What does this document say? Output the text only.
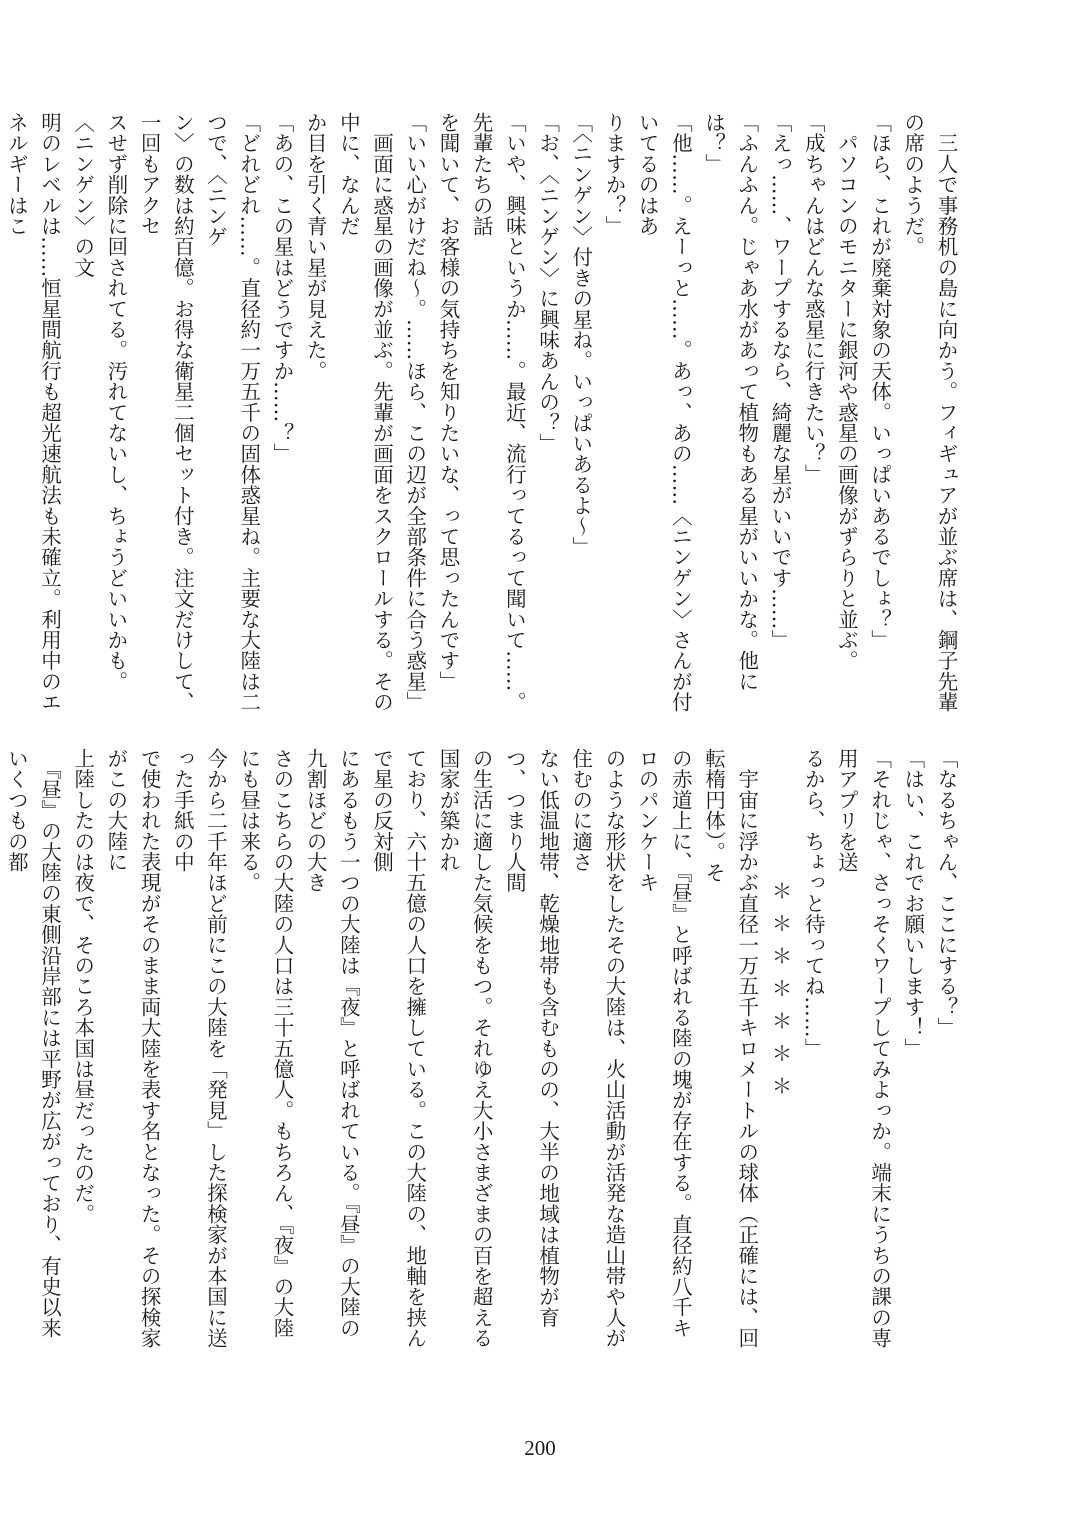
　三人で事務机の島に向かう。フィギュアが並ぶ席は、鋼子先輩の席のようだ。
「ほら、これが廃棄対象の天体。いっぱいあるでしょ？」
　パソコンのモニターに銀河や惑星の画像がずらりと並ぶ。
「成ちゃんはどんな惑星に行きたい？」
「えっ……、ワープするなら、綺麗な星がいいです……」
「ふんふん。じゃあ水があって植物もある星がいいかな。他には？」
「他……。えーっと……。あっ、あの……〈ニンゲン〉さんが付いてるのはあ
りますか？」
「〈ニンゲン〉付きの星ね。いっぱいあるよ～」
「お、〈ニンゲン〉に興味あんの？」
「いや、興味というか……。最近、流行ってるって聞いて……。先輩たちの話
を聞いて、お客様の気持ちを知りたいな、って思ったんです」
「いい心がけだね～。……ほら、この辺が全部条件に合う惑星」
　画面に惑星の画像が並ぶ。先輩が画面をスクロールする。その中に、なんだ
か目を引く青い星が見えた。
「あの、この星はどうですか……？」
「どれどれ……。直径約一万五千の固体惑星ね。主要な大陸は二つで、〈ニンゲ
ン〉の数は約百億。お得な衛星二個セット付き。注文だけして、一回もアクセ
スせず削除に回されてる。汚れてないし、ちょうどいいかも。〈ニンゲン〉の文
明のレベルは……恒星間航行も超光速航法も未確立。利用中のエネルギーはこ
「なるちゃん、ここにする？」
「はい、これでお願いします！」
「それじゃ、さっそくワープしてみよっか。端末にうちの課の専用アプリを送
るから、ちょっと待ってね……」
＊＊＊＊＊＊＊
　宇宙に浮かぶ直径一万五千キロメートルの球体（正確には、回転楕円体）。そ
の赤道上に、『昼』と呼ばれる陸の塊が存在する。直径約八千キロのパンケーキ
のような形状をしたその大陸は、火山活動が活発な造山帯や人が住むのに適さ
ない低温地帯、乾燥地帯も含むものの、大半の地域は植物が育つ、つまり人間
の生活に適した気候をもつ。それゆえ大小さまざまの百を超える国家が築かれ
ており、六十五億の人口を擁している。この大陸の、地軸を挟んで星の反対側
にあるもう一つの大陸は『夜』と呼ばれている。『昼』の大陸の九割ほどの大き
さのこちらの大陸の人口は三十五億人。もちろん、『夜』の大陸にも昼は来る。
今から二千年ほど前にこの大陸を「発見」した探検家が本国に送った手紙の中
で使われた表現がそのまま両大陸を表す名となった。その探検家がこの大陸に
上陸したのは夜で、そのころ本国は昼だったのだ。
　『昼』の大陸の東側沿岸部には平野が広がっており、有史以来いくつもの都
200
